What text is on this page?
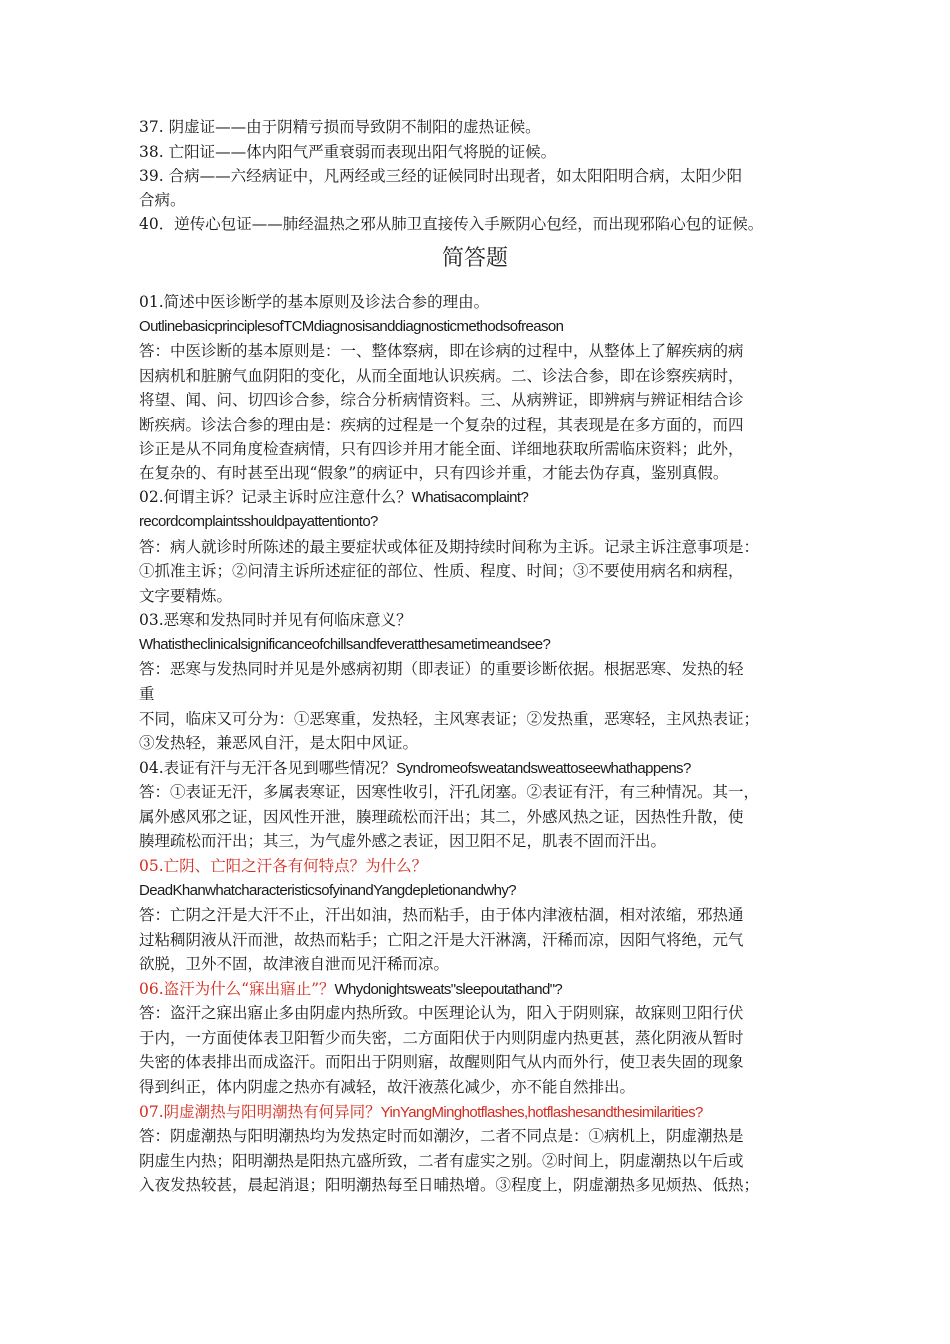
37. 阴虚证——由于阴精亏损而导致阴不制阳的虚热证候。
38. 亡阳证——体内阳气严重衰弱而表现出阳气将脱的证候。
39. 合病——六经病证中，凡两经或三经的证候同时出现者，如太阳阳明合病，太阳少阳
合病。
40．逆传心包证——肺经温热之邪从肺卫直接传入手厥阴心包经，而出现邪陷心包的证候。
简答题
01.简述中医诊断学的基本原则及诊法合参的理由。
OutlinebasicprinciplesofTCMdiagnosisanddiagnosticmethodsofreason
答：中医诊断的基本原则是：一、整体察病，即在诊病的过程中，从整体上了解疾病的病
因病机和脏腑气血阴阳的变化，从而全面地认识疾病。二、诊法合参，即在诊察疾病时，
将望、闻、问、切四诊合参，综合分析病情资料。三、从病辨证，即辨病与辨证相结合诊
断疾病。诊法合参的理由是：疾病的过程是一个复杂的过程，其表现是在多方面的，而四
诊正是从不同角度检查病情，只有四诊并用才能全面、详细地获取所需临床资料；此外，
在复杂的、有时甚至出现“假象”的病证中，只有四诊并重，才能去伪存真，鉴别真假。
02.何谓主诉？记录主诉时应注意什么？Whatisacomplaint?
recordcomplaintsshouldpayattentionto?
答：病人就诊时所陈述的最主要症状或体征及期持续时间称为主诉。记录主诉注意事项是：
①抓准主诉；②问清主诉所述症征的部位、性质、程度、时间；③不要使用病名和病程，
文字要精炼。
03.恶寒和发热同时并见有何临床意义？
Whatistheclinicalsignificanceofchillsandfeveratthesametimeandsee?
答：恶寒与发热同时并见是外感病初期（即表证）的重要诊断依据。根据恶寒、发热的轻
重
不同，临床又可分为：①恶寒重，发热轻，主风寒表证；②发热重，恶寒轻，主风热表证；
③发热轻，兼恶风自汗，是太阳中风证。
04.表证有汗与无汗各见到哪些情况？Syndromeofsweatandsweattoseewhathappens?
答：①表证无汗，多属表寒证，因寒性收引，汗孔闭塞。②表证有汗，有三种情况。其一，
属外感风邪之证，因风性开泄，腠理疏松而汗出；其二，外感风热之证，因热性升散，使
腠理疏松而汗出；其三，为气虚外感之表证，因卫阳不足，肌表不固而汗出。
05.亡阴、亡阳之汗各有何特点？为什么？
DeadKhanwhatcharacteristicsofyinandYangdepletionandwhy?
答：亡阴之汗是大汗不止，汗出如油，热而粘手，由于体内津液枯涸，相对浓缩，邪热通
过粘稠阴液从汗而泄，故热而粘手；亡阳之汗是大汗淋漓，汗稀而凉，因阳气将绝，元气
欲脱，卫外不固，故津液自泄而见汗稀而凉。
06.盗汗为什么“寐出寤止”？Whydonightsweats"sleepoutathand"?
答：盗汗之寐出寤止多由阴虚内热所致。中医理论认为，阳入于阴则寐，故寐则卫阳行伏
于内，一方面使体表卫阳暂少而失密，二方面阳伏于内则阴虚内热更甚，蒸化阴液从暂时
失密的体表排出而成盗汗。而阳出于阴则寤，故醒则阳气从内而外行，使卫表失固的现象
得到纠正，体内阴虚之热亦有减轻，故汗液蒸化减少，亦不能自然排出。
07.阴虚潮热与阳明潮热有何异同？YinYangMinghotflashes,hotflashesandthesimilarities?
答：阴虚潮热与阳明潮热均为发热定时而如潮汐，二者不同点是：①病机上，阴虚潮热是
阴虚生内热；阳明潮热是阳热亢盛所致，二者有虚实之别。②时间上，阴虚潮热以午后或
入夜发热较甚，晨起消退；阳明潮热每至日晡热增。③程度上，阴虚潮热多见烦热、低热；
